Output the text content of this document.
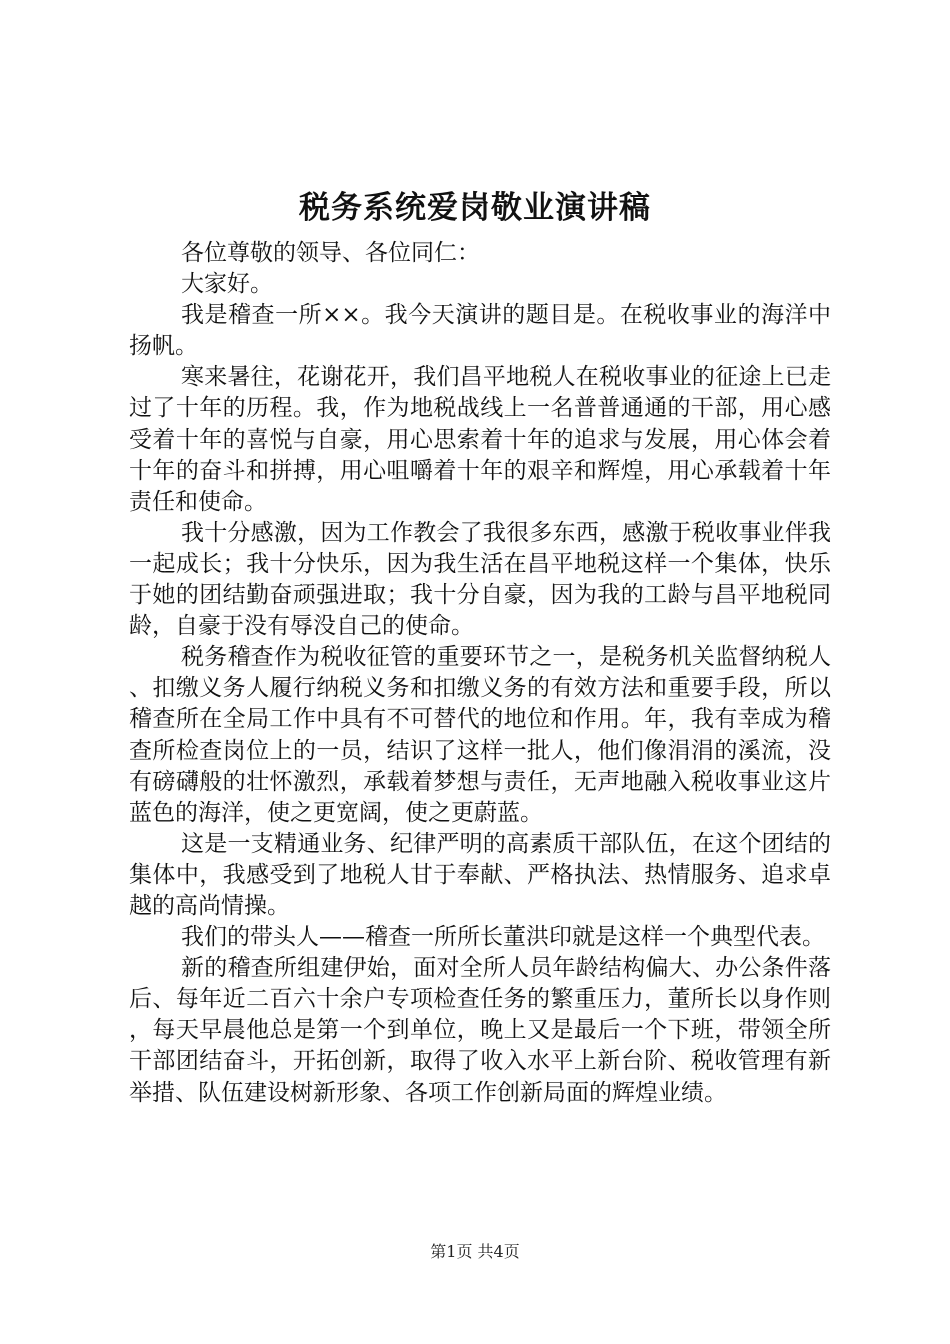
税务系统爱岗敬业演讲稿

各位尊敬的领导、各位同仁：

大家好。

我是稽查一所××。我今天演讲的题目是。在税收事业的海洋中扬帆。

寒来暑往，花谢花开，我们昌平地税人在税收事业的征途上已走过了十年的历程。我，作为地税战线上一名普普通通的干部，用心感受着十年的喜悦与自豪，用心思索着十年的追求与发展，用心体会着十年的奋斗和拼搏，用心咀嚼着十年的艰辛和辉煌，用心承载着十年责任和使命。

我十分感激，因为工作教会了我很多东西，感激于税收事业伴我一起成长；我十分快乐，因为我生活在昌平地税这样一个集体，快乐于她的团结勤奋顽强进取；我十分自豪，因为我的工龄与昌平地税同龄，自豪于没有辱没自己的使命。

税务稽查作为税收征管的重要环节之一，是税务机关监督纳税人、扣缴义务人履行纳税义务和扣缴义务的有效方法和重要手段，所以稽查所在全局工作中具有不可替代的地位和作用。年，我有幸成为稽查所检查岗位上的一员，结识了这样一批人，他们像涓涓的溪流，没有磅礴般的壮怀激烈，承载着梦想与责任，无声地融入税收事业这片蓝色的海洋，使之更宽阔，使之更蔚蓝。

这是一支精通业务、纪律严明的高素质干部队伍，在这个团结的集体中，我感受到了地税人甘于奉献、严格执法、热情服务、追求卓越的高尚情操。

我们的带头人——稽查一所所长董洪印就是这样一个典型代表。

新的稽查所组建伊始，面对全所人员年龄结构偏大、办公条件落后、每年近二百六十余户专项检查任务的繁重压力，董所长以身作则，每天早晨他总是第一个到单位，晚上又是最后一个下班，带领全所干部团结奋斗，开拓创新，取得了收入水平上新台阶、税收管理有新举措、队伍建设树新形象、各项工作创新局面的辉煌业绩。

第1页 共4页
